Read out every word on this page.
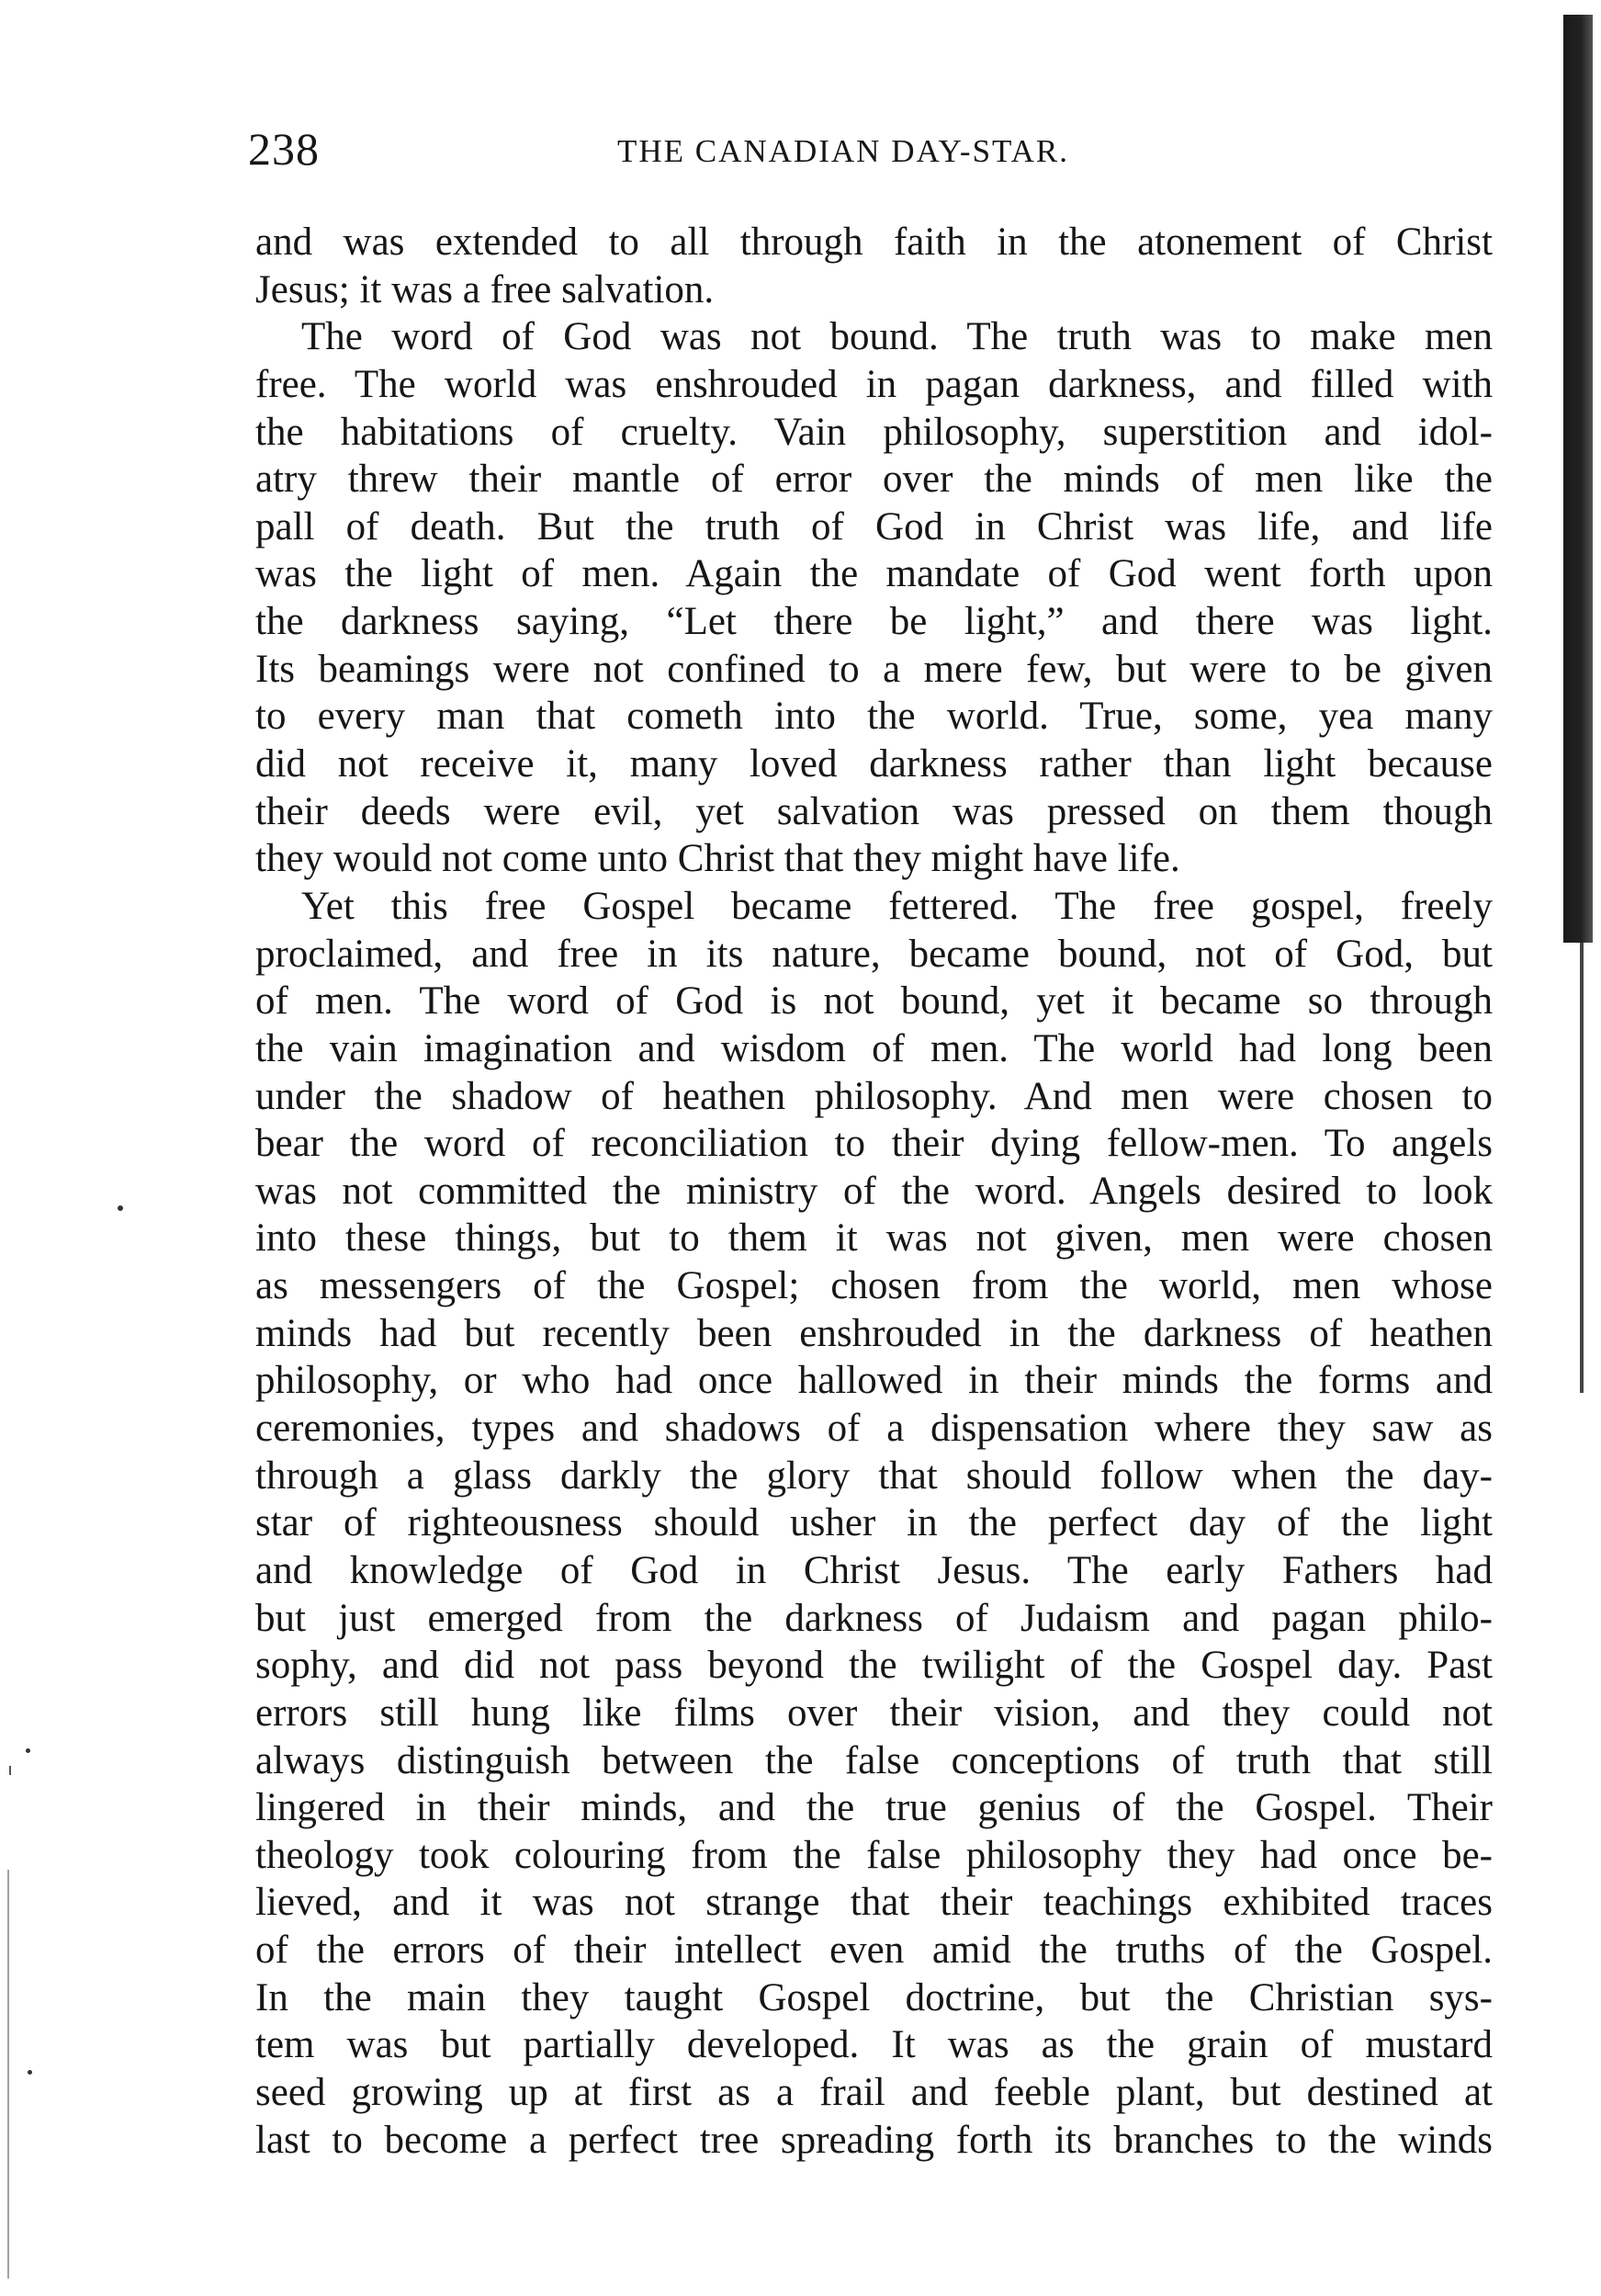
238	THE CANADIAN DAY-STAR.
and was extended to all through faith in the atonement of Christ
Jesus; it was a free salvation.
The word of God was not bound. The truth was to make men
free. The world was enshrouded in pagan darkness, and filled with
the habitations of cruelty. Vain philosophy, superstition and idol-
atry threw their mantle of error over the minds of men like the
pall of death. But the truth of God in Christ was life, and life
was the light of men. Again the mandate of God went forth upon
the darkness saying, “Let there be light,” and there was light.
Its beamings were not confined to a mere few, but were to be given
to every man that cometh into the world. True, some, yea many
did not receive it, many loved darkness rather than light because
their deeds were evil, yet salvation was pressed on them though
they would not come unto Christ that they might have life.
Yet this free Gospel became fettered. The free gospel, freely
proclaimed, and free in its nature, became bound, not of God, but
of men. The word of God is not bound, yet it became so through
the vain imagination and wisdom of men. The world had long been
under the shadow of heathen philosophy. And men were chosen to
bear the word of reconciliation to their dying fellow-men. To angels
was not committed the ministry of the word. Angels desired to look
into these things, but to them it was not given, men were chosen
as messengers of the Gospel; chosen from the world, men whose
minds had but recently been enshrouded in the darkness of heathen
philosophy, or who had once hallowed in their minds the forms and
ceremonies, types and shadows of a dispensation where they saw as
through a glass darkly the glory that should follow when the day-
star of righteousness should usher in the perfect day of the light
and knowledge of God in Christ Jesus. The early Fathers had
but just emerged from the darkness of Judaism and pagan philo-
sophy, and did not pass beyond the twilight of the Gospel day. Past
errors still hung like films over their vision, and they could not
always distinguish between the false conceptions of truth that still
lingered in their minds, and the true genius of the Gospel. Their
theology took colouring from the false philosophy they had once be-
lieved, and it was not strange that their teachings exhibited traces
of the errors of their intellect even amid the truths of the Gospel.
In the main they taught Gospel doctrine, but the Christian sys-
tem was but partially developed. It was as the grain of mustard
seed growing up at first as a frail and feeble plant, but destined at
last to become a perfect tree spreading forth its branches to the winds
